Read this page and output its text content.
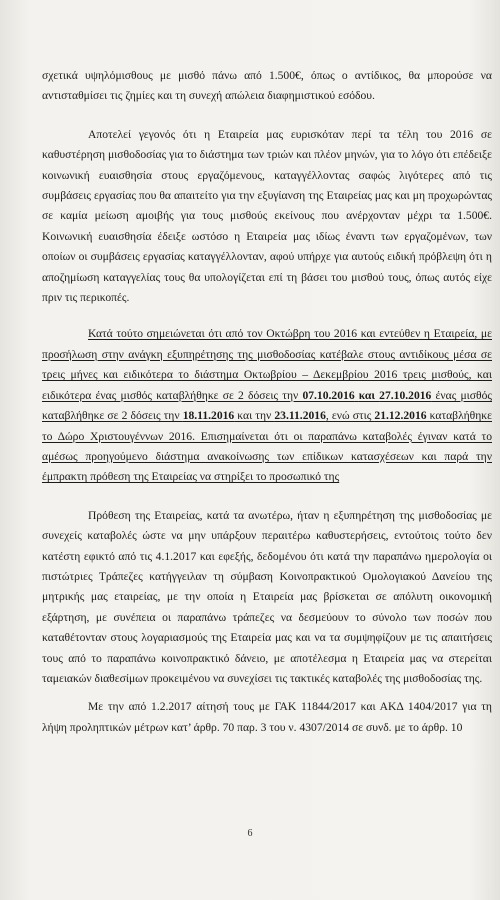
σχετικά υψηλόμισθους με μισθό πάνω από 1.500€, όπως ο αντίδικος, θα μπορούσε να αντισταθμίσει τις ζημίες και τη συνεχή απώλεια διαφημιστικού εσόδου.

Αποτελεί γεγονός ότι η Εταιρεία μας ευρισκόταν περί τα τέλη του 2016 σε καθυστέρηση μισθοδοσίας για το διάστημα των τριών και πλέον μηνών, για το λόγο ότι επέδειξε κοινωνική ευαισθησία στους εργαζόμενους, καταγγέλλοντας σαφώς λιγότερες από τις συμβάσεις εργασίας που θα απαιτείτο για την εξυγίανση της Εταιρείας μας και μη προχωρώντας σε καμία μείωση αμοιβής για τους μισθούς εκείνους που ανέρχονταν μέχρι τα 1.500€. Κοινωνική ευαισθησία έδειξε ωστόσο η Εταιρεία μας ιδίως έναντι των εργαζομένων, των οποίων οι συμβάσεις εργασίας καταγγέλλονταν, αφού υπήρχε για αυτούς ειδική πρόβλεψη ότι η αποζημίωση καταγγελίας τους θα υπολογίζεται επί τη βάσει του μισθού τους, όπως αυτός είχε πριν τις περικοπές.

Κατά τούτο σημειώνεται ότι από τον Οκτώβρη του 2016 και εντεύθεν η Εταιρεία, με προσήλωση στην ανάγκη εξυπηρέτησης της μισθοδοσίας κατέβαλε στους αντιδίκους μέσα σε τρεις μήνες και ειδικότερα το διάστημα Οκτωβρίου – Δεκεμβρίου 2016 τρεις μισθούς, και ειδικότερα ένας μισθός καταβλήθηκε σε 2 δόσεις την 07.10.2016 και 27.10.2016 ένας μισθός καταβλήθηκε σε 2 δόσεις την 18.11.2016 και την 23.11.2016, ενώ στις 21.12.2016 καταβλήθηκε το Δώρο Χριστουγέννων 2016. Επισημαίνεται ότι οι παραπάνω καταβολές έγιναν κατά το αμέσως προηγούμενο διάστημα ανακοίνωσης των επίδικων κατασχέσεων και παρά την έμπρακτη πρόθεση της Εταιρείας να στηρίξει το προσωπικό της

Πρόθεση της Εταιρείας, κατά τα ανωτέρω, ήταν η εξυπηρέτηση της μισθοδοσίας με συνεχείς καταβολές ώστε να μην υπάρξουν περαιτέρω καθυστερήσεις, εντούτοις τούτο δεν κατέστη εφικτό από τις 4.1.2017 και εφεξής, δεδομένου ότι κατά την παραπάνω ημερολογία οι πιστώτριες Τράπεζες κατήγγειλαν τη σύμβαση Κοινοπρακτικού Ομολογιακού Δανείου της μητρικής μας εταιρείας, με την οποία η Εταιρεία μας βρίσκεται σε απόλυτη οικονομική εξάρτηση, με συνέπεια οι παραπάνω τράπεζες να δεσμεύουν το σύνολο των ποσών που καταθέτονταν στους λογαριασμούς της Εταιρεία μας και να τα συμψηφίζουν με τις απαιτήσεις τους από το παραπάνω κοινοπρακτικό δάνειο, με αποτέλεσμα η Εταιρεία μας να στερείται ταμειακών διαθεσίμων προκειμένου να συνεχίσει τις τακτικές καταβολές της μισθοδοσίας της.

Με την από 1.2.2017 αίτησή τους με ΓΑΚ 11844/2017 και ΑΚΔ 1404/2017 για τη λήψη προληπτικών μέτρων κατ’ άρθρ. 70 παρ. 3 του ν. 4307/2014 σε συνδ. με το άρθρ. 10

6
